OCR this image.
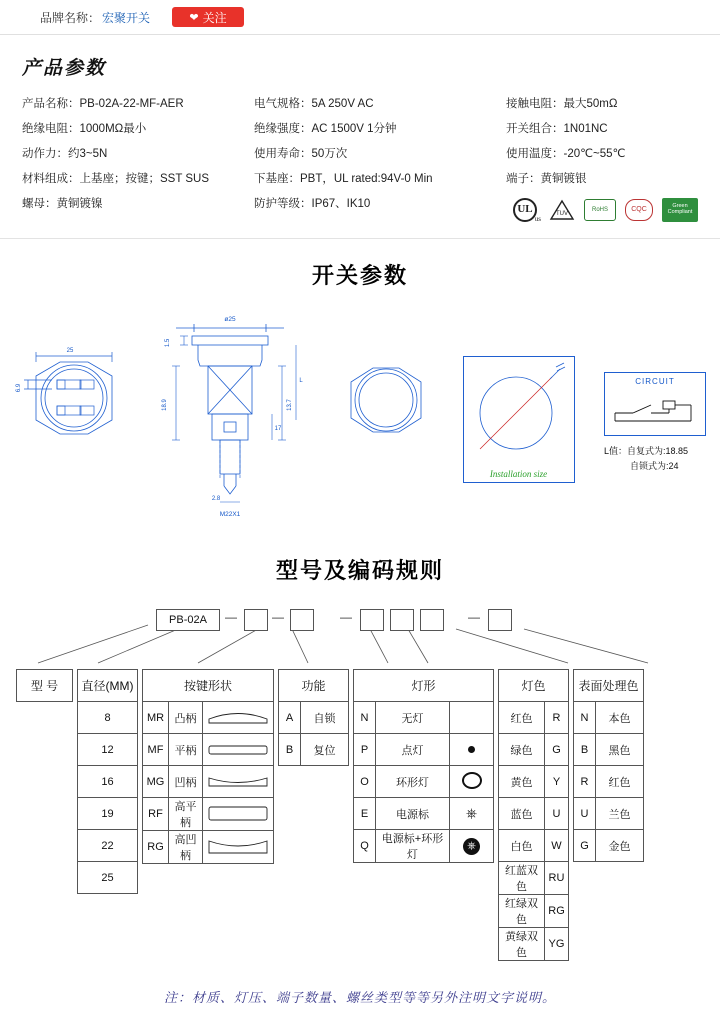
品牌名称： 宏聚开关	❤ 关注
产品参数
产品名称：PB-02A-22-MF-AER	电气规格：5A 250V AC	接触电阻：最大50mΩ
绝缘电阻：1000MΩ最小	绝缘强度：AC 1500V 1分钟	开关组合：1N01NC
动作力：约3~5N	使用寿命：50万次	使用温度：-20℃~55℃
材料组成：上基座；按键；SST SUS	下基座：PBT，UL rated:94V-0 Min	端子：黄铜镀银
螺母：黄铜镀镍	防护等级：IP67、IK10	UL
us
TUV
RoHS	CQC
Green
Compliant
开关参数
25
6.9
ø25
1.5
18.9	13.7
L
17
2.8
M22X1
Installation size
CIRCUIT
L值：自复式为:18.85
自锁式为:24
型号及编码规则
PB-02A —	—	—	—
型 号 直径(MM)
8
12
16
19
22
25
按键形状		
MR	凸柄	

MF	平柄	

MG	凹柄	

RF	高平柄	

RG	高凹柄	
功能	
A	自锁
B	复位
灯形		
N	无灯	
P	点灯	
O	环形灯	
E	电源标	⎈
Q	电源标+环形灯	⎈
灯色	
红色	R
绿色	G
黄色	Y
蓝色	U
白色	W
红蓝双色	RU
红绿双色	RG
黄绿双色	YG
表面处理色	
N	本色
B	黑色
R	红色
U	兰色
G	金色
注：材质、灯压、端子数量、螺丝类型等等另外注明文字说明。
